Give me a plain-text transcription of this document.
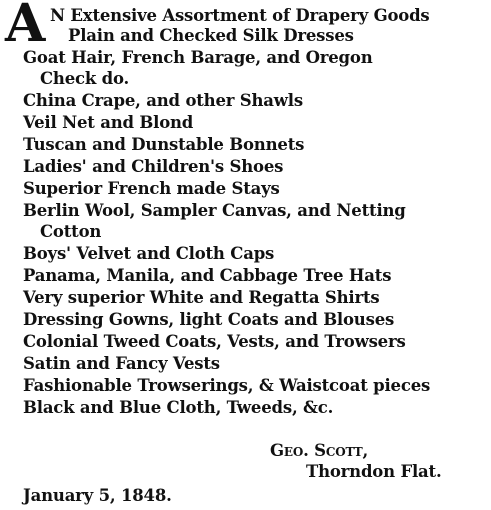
A N Extensive Assortment of Drapery Goods
Plain and Checked Silk Dresses
Goat Hair, French Barage, and Oregon
Check do.
China Crape, and other Shawls
Veil Net and Blond
Tuscan and Dunstable Bonnets
Ladies' and Children's Shoes
Superior French made Stays
Berlin Wool, Sampler Canvas, and Netting
Cotton
Boys' Velvet and Cloth Caps
Panama, Manila, and Cabbage Tree Hats
Very superior White and Regatta Shirts
Dressing Gowns, light Coats and Blouses
Colonial Tweed Coats, Vests, and Trowsers
Satin and Fancy Vests
Fashionable Trowserings, & Waistcoat pieces
Black and Blue Cloth, Tweeds, &c.
Geo. Scott,
Thorndon Flat.
January 5, 1848.
